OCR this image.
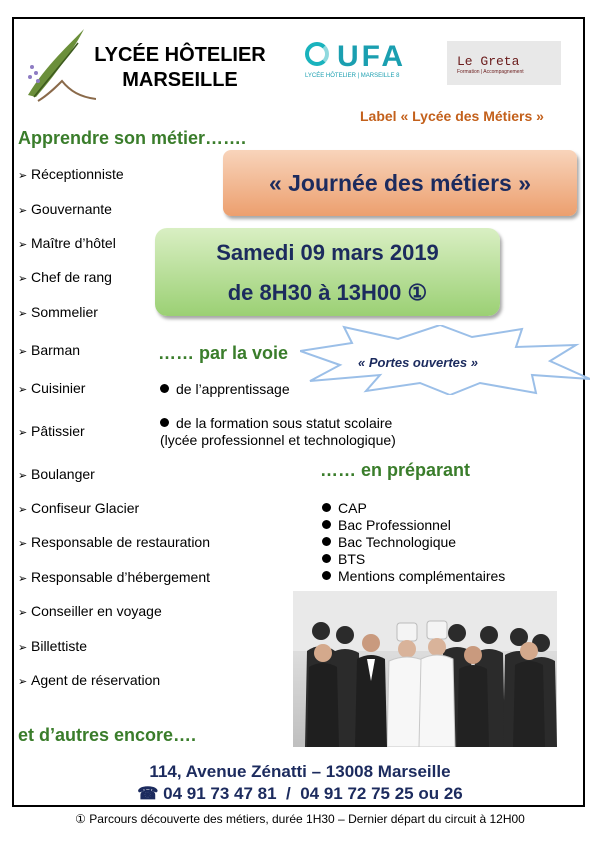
LYCÉE HÔTELIER
MARSEILLE
UFA
LYCÉE HÔTELIER | MARSEILLE 8
Le Greta
Formation | Accompagnement
Label « Lycée des Métiers »
Apprendre son métier…….
➢ Réceptionniste
➢ Gouvernante
➢ Maître d’hôtel
➢ Chef de rang
➢ Sommelier
➢ Barman
➢ Cuisinier
➢ Pâtissier
➢ Boulanger
➢ Confiseur Glacier
➢ Responsable de restauration
➢ Responsable d’hébergement
➢ Conseiller en voyage
➢ Billettiste
➢ Agent de réservation
« Journée des métiers »
Samedi 09 mars 2019
de 8H30 à 13H00 ①
« Portes ouvertes »
…… par la voie
de l’apprentissage
de la formation sous statut scolaire
(lycée professionnel et technologique)
…… en préparant
CAP
Bac Professionnel
Bac Technologique
BTS
Mentions complémentaires
et d’autres encore….
114, Avenue Zénatti – 13008 Marseille
☎ 04 91 73 47 81  /  04 91 72 75 25 ou 26
① Parcours découverte des métiers, durée 1H30 – Dernier départ du circuit à 12H00
